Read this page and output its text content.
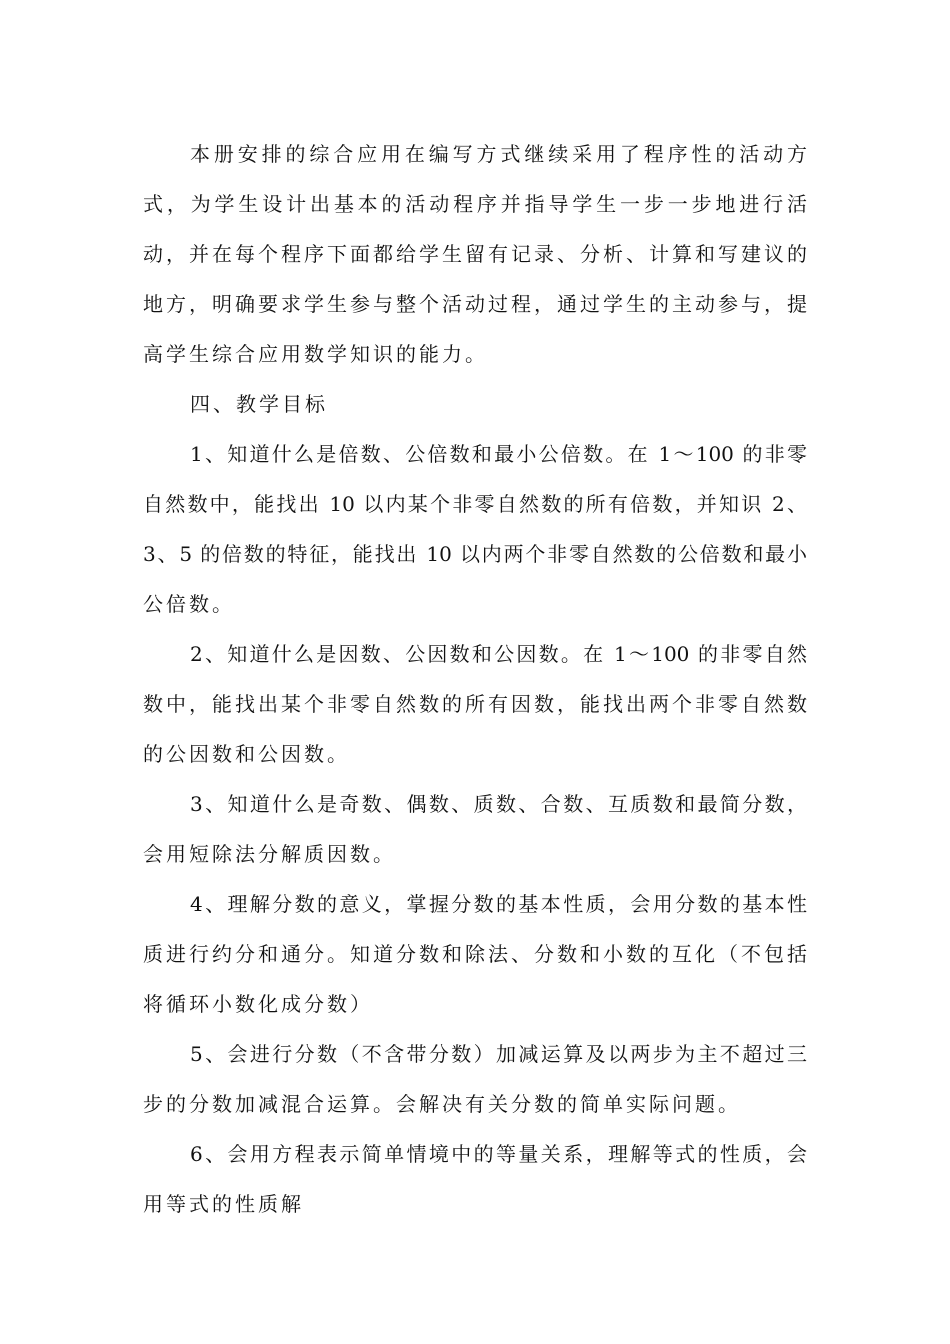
本册安排的综合应用在编写方式继续采用了程序性的活动方
式，为学生设计出基本的活动程序并指导学生一步一步地进行活
动，并在每个程序下面都给学生留有记录、分析、计算和写建议的
地方，明确要求学生参与整个活动过程，通过学生的主动参与，提
高学生综合应用数学知识的能力。
四、教学目标
1、知道什么是倍数、公倍数和最小公倍数。在 1～100 的非零
自然数中，能找出 10 以内某个非零自然数的所有倍数，并知识 2、
3、5 的倍数的特征，能找出 10 以内两个非零自然数的公倍数和最小
公倍数。
2、知道什么是因数、公因数和公因数。在 1～100 的非零自然
数中，能找出某个非零自然数的所有因数，能找出两个非零自然数
的公因数和公因数。
3、知道什么是奇数、偶数、质数、合数、互质数和最简分数，
会用短除法分解质因数。
4、理解分数的意义，掌握分数的基本性质，会用分数的基本性
质进行约分和通分。知道分数和除法、分数和小数的互化（不包括
将循环小数化成分数）
5、会进行分数（不含带分数）加减运算及以两步为主不超过三
步的分数加减混合运算。会解决有关分数的简单实际问题。
6、会用方程表示简单情境中的等量关系，理解等式的性质，会
用等式的性质解
